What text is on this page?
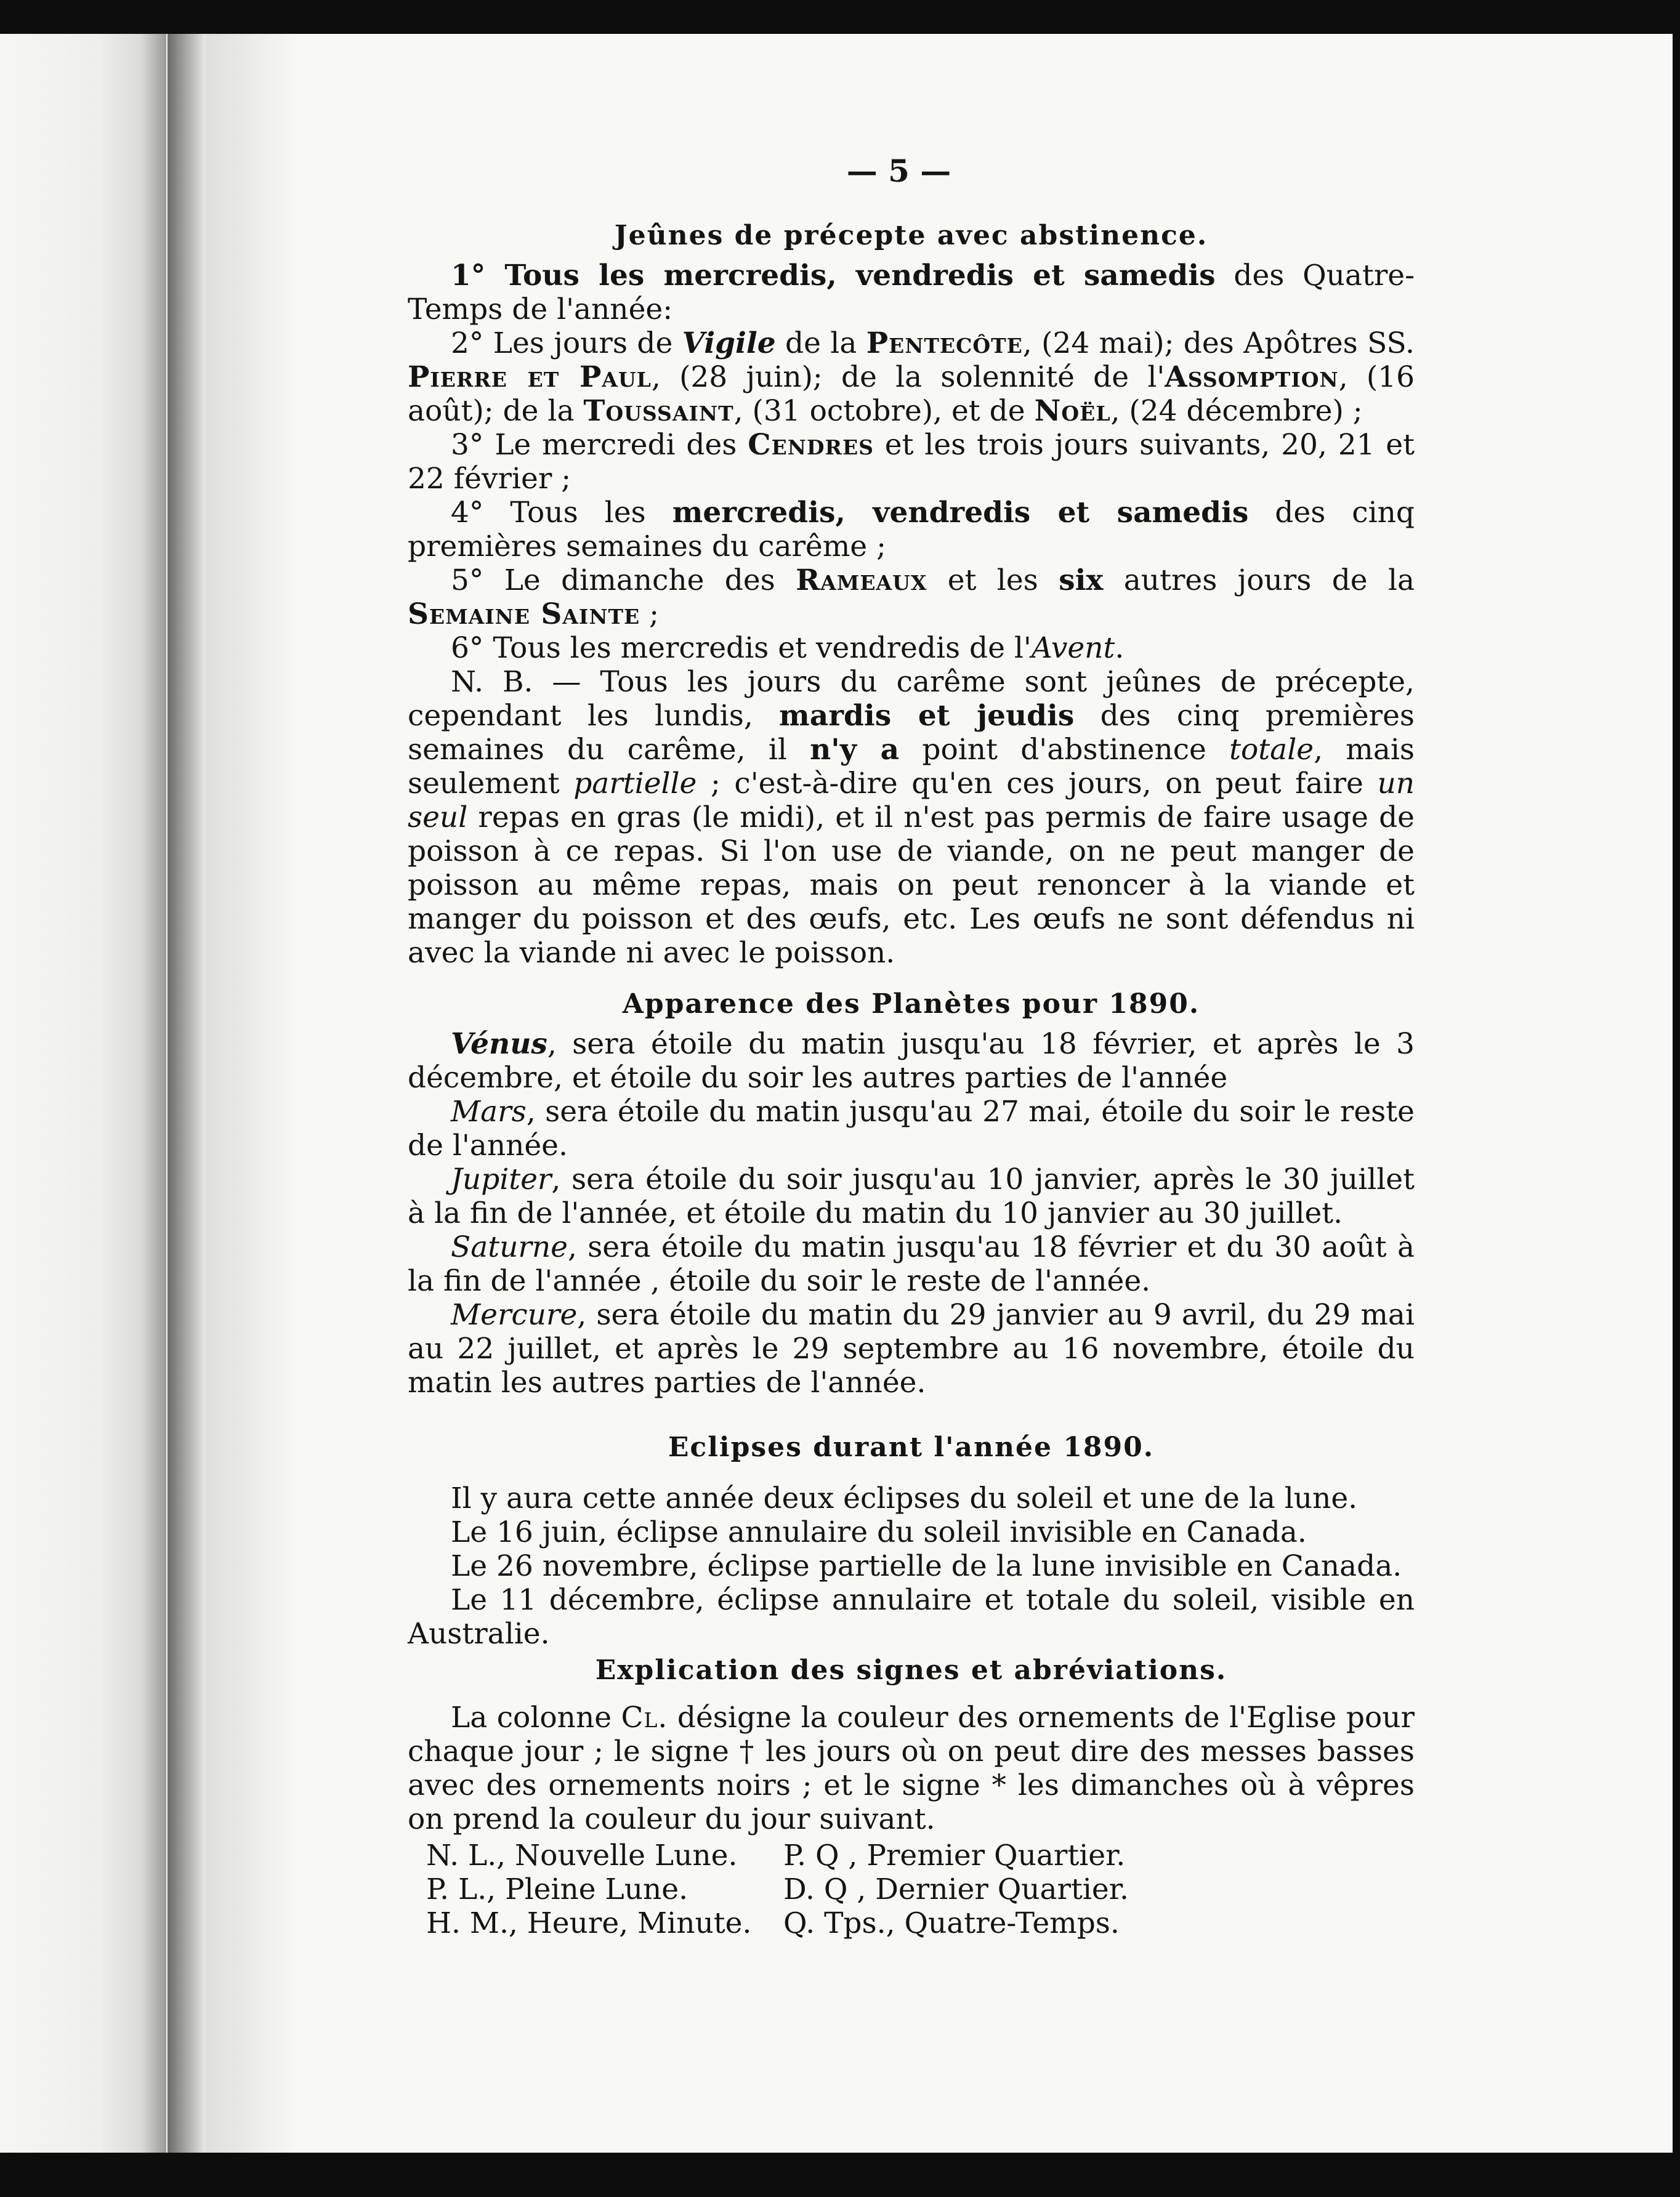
— 5 —
Jeûnes de précepte avec abstinence.

1° Tous les mercredis, vendredis et samedis des Quatre-Temps de l'année:

2° Les jours de Vigile de la Pentecôte, (24 mai); des Apôtres SS. Pierre et Paul, (28 juin); de la solennité de l'Assomption, (16 août); de la Toussaint, (31 octobre), et de Noël, (24 décembre) ;

3° Le mercredi des Cendres et les trois jours suivants, 20, 21 et 22 février ;

4° Tous les mercredis, vendredis et samedis des cinq premières semaines du carême ;

5° Le dimanche des Rameaux et les six autres jours de la Semaine Sainte ;

6° Tous les mercredis et vendredis de l'Avent.

N. B. — Tous les jours du carême sont jeûnes de précepte, cependant les lundis, mardis et jeudis des cinq premières semaines du carême, il n'y a point d'abstinence totale, mais seulement partielle ; c'est-à-dire qu'en ces jours, on peut faire un seul repas en gras (le midi), et il n'est pas permis de faire usage de poisson à ce repas. Si l'on use de viande, on ne peut manger de poisson au même repas, mais on peut renoncer à la viande et manger du poisson et des œufs, etc. Les œufs ne sont défendus ni avec la viande ni avec le poisson.

Apparence des Planètes pour 1890.

Vénus, sera étoile du matin jusqu'au 18 février, et après le 3 décembre, et étoile du soir les autres parties de l'année

Mars, sera étoile du matin jusqu'au 27 mai, étoile du soir le reste de l'année.

Jupiter, sera étoile du soir jusqu'au 10 janvier, après le 30 juillet à la fin de l'année, et étoile du matin du 10 janvier au 30 juillet.

Saturne, sera étoile du matin jusqu'au 18 février et du 30 août à la fin de l'année , étoile du soir le reste de l'année.

Mercure, sera étoile du matin du 29 janvier au 9 avril, du 29 mai au 22 juillet, et après le 29 septembre au 16 novembre, étoile du matin les autres parties de l'année.

Eclipses durant l'année 1890.

Il y aura cette année deux éclipses du soleil et une de la lune.

Le 16 juin, éclipse annulaire du soleil invisible en Canada.

Le 26 novembre, éclipse partielle de la lune invisible en Canada.

Le 11 décembre, éclipse annulaire et totale du soleil, visible en Australie.

Explication des signes et abréviations.

La colonne Cl. désigne la couleur des ornements de l'Eglise pour chaque jour ; le signe † les jours où on peut dire des messes basses avec des ornements noirs ; et le signe * les dimanches où à vêpres on prend la couleur du jour suivant.

N. L., Nouvelle Lune.	P. Q , Premier Quartier.
P. L., Pleine Lune.	D. Q , Dernier Quartier.
H. M., Heure, Minute.	Q. Tps., Quatre-Temps.
